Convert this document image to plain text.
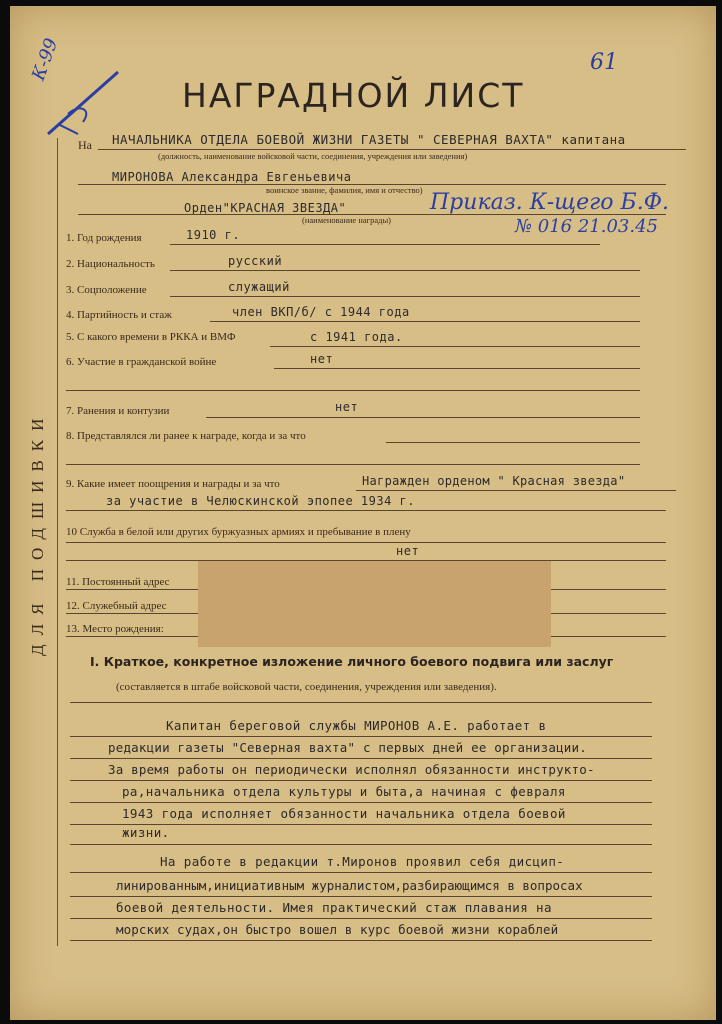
61
К-99
НАГРАДНОЙ ЛИСТ
На НАЧАЛЬНИКА ОТДЕЛА БОЕВОЙ ЖИЗНИ ГАЗЕТЫ " СЕВЕРНАЯ ВАХТА" капитана
(должность, наименование войсковой части, соединения, учреждения или заведения)
МИРОНОВА Александра Евгеньевича
воинское звание, фамилия, имя и отчество)
Орден"КРАСНАЯ ЗВЕЗДА"
(наименование награды)
Приказ. К-щего Б.Ф.
№ 016 21.03.45
1. Год рождения	1910 г.
2. Национальность	русский
3. Соцположение	служащий
4. Партийность и стаж	член ВКП/б/ с 1944 года
5. С какого времени в РККА и ВМФ	с 1941 года.
6. Участие в гражданской войне	нет
7. Ранения и контузии	нет
8. Представлялся ли ранее к награде, когда и за что
9. Какие имеет поощрения и награды и за что	Награжден орденом " Красная звезда"
за участие в Челюскинской эпопее 1934 г.
10 Служба в белой или других буржуазных армиях и пребывание в плену
нет
11. Постоянный адрес
12. Служебный адрес
13. Место рождения:
ДЛЯ ПОДШИВКИ
I. Краткое, конкретное изложение личного боевого подвига или заслуг
(составляется в штабе войсковой части, соединения, учреждения или заведения).
Капитан береговой службы МИРОНОВ А.Е. работает в
редакции газеты "Северная вахта" с первых дней ее организации.
За время работы он периодически исполнял обязанности инструкто-
ра,начальника отдела культуры и быта,а начиная с февраля
1943 года исполняет обязанности начальника отдела боевой
жизни.
На работе в редакции т.Миронов проявил себя дисцип-
линированным,инициативным журналистом,разбирающимся в вопросах
боевой деятельности. Имея практический стаж плавания на
морских судах,он быстро вошел в курс боевой жизни кораблей
